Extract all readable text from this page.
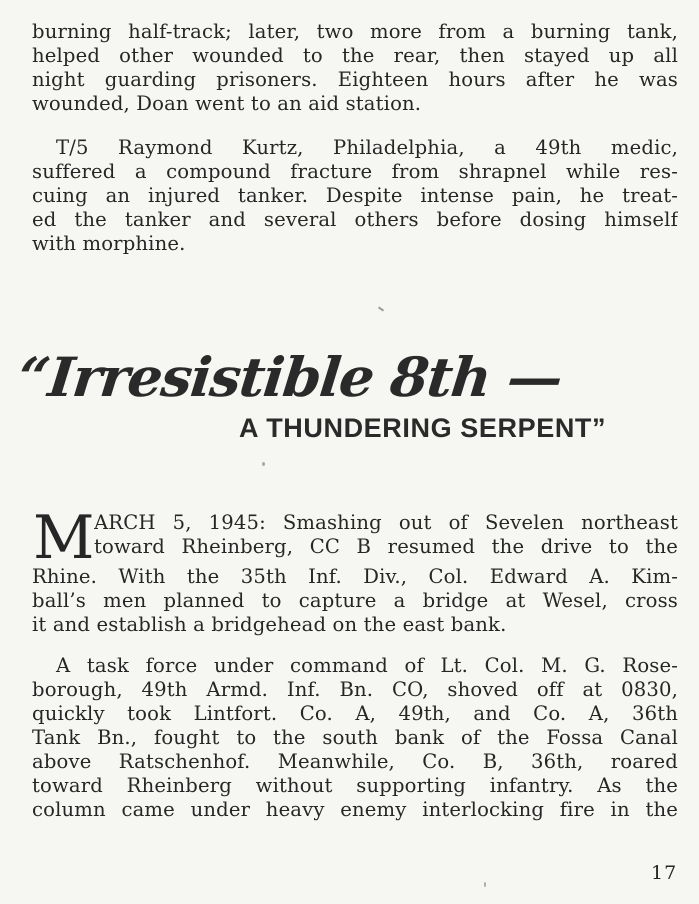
burning half-track; later, two more from a burning tank,
helped other wounded to the rear, then stayed up all
night guarding prisoners. Eighteen hours after he was
wounded, Doan went to an aid station.
T/5 Raymond Kurtz, Philadelphia, a 49th medic,
suffered a compound fracture from shrapnel while res-
cuing an injured tanker. Despite intense pain, he treat-
ed the tanker and several others before dosing himself
with morphine.
“Irresistible 8th —
A THUNDERING SERPENT”
M ARCH 5, 1945: Smashing out of Sevelen northeast
toward Rheinberg, CC B resumed the drive to the
Rhine. With the 35th Inf. Div., Col. Edward A. Kim-
ball’s men planned to capture a bridge at Wesel, cross
it and establish a bridgehead on the east bank.
A task force under command of Lt. Col. M. G. Rose-
borough, 49th Armd. Inf. Bn. CO, shoved off at 0830,
quickly took Lintfort. Co. A, 49th, and Co. A, 36th
Tank Bn., fought to the south bank of the Fossa Canal
above Ratschenhof. Meanwhile, Co. B, 36th, roared
toward Rheinberg without supporting infantry. As the
column came under heavy enemy interlocking fire in the
17
